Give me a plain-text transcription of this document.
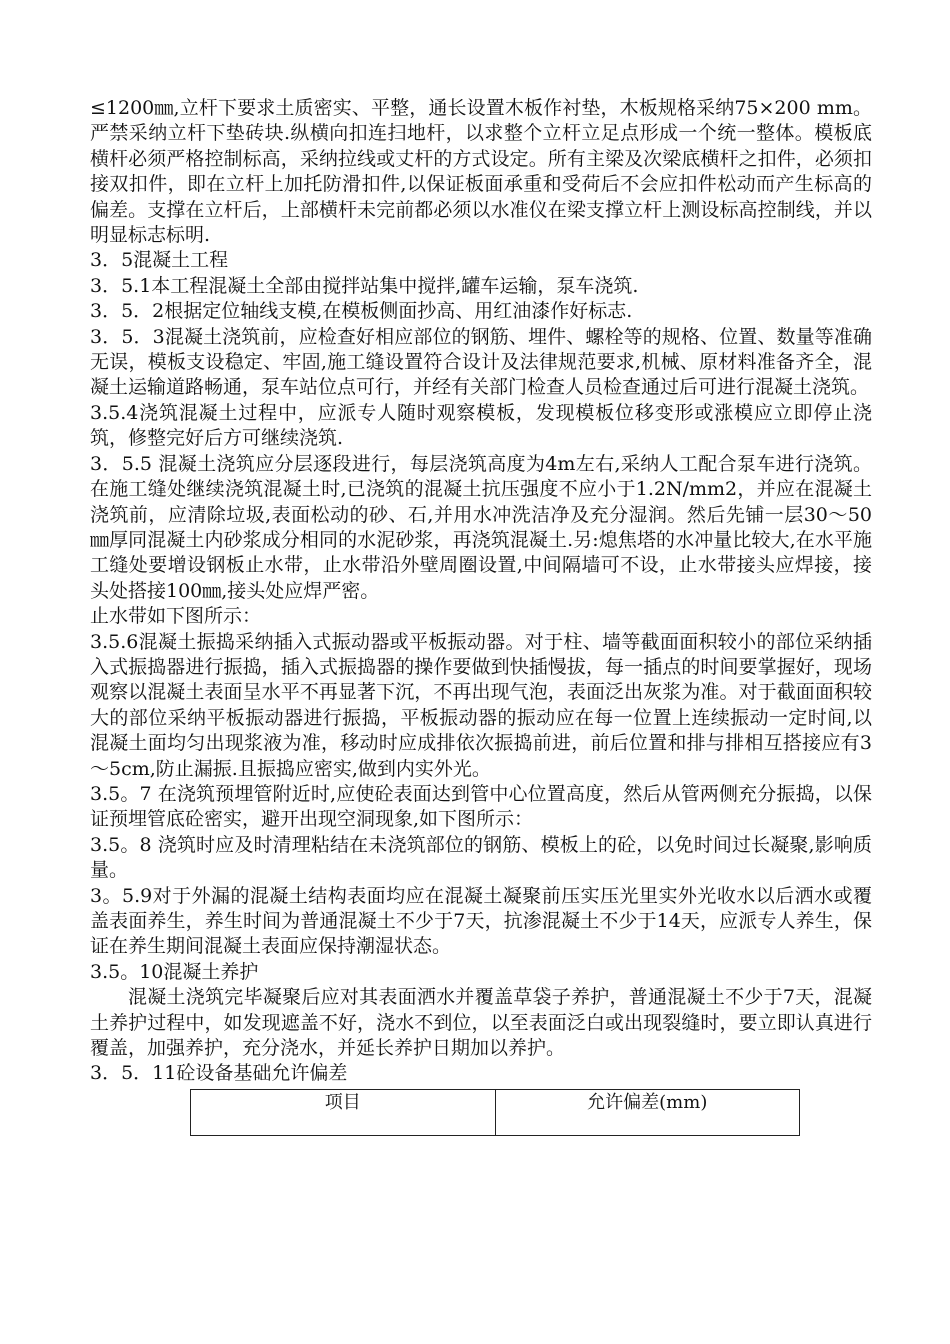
≤1200㎜,立杆下要求土质密实、平整，通长设置木板作衬垫，木板规格采纳75×200 mm。严禁采纳立杆下垫砖块.纵横向扣连扫地杆，以求整个立杆立足点形成一个统一整体。模板底横杆必须严格控制标高，采纳拉线或丈杆的方式设定。所有主梁及次梁底横杆之扣件，必须扣接双扣件，即在立杆上加托防滑扣件,以保证板面承重和受荷后不会应扣件松动而产生标高的偏差。支撑在立杆后，上部横杆未完前都必须以水准仪在梁支撑立杆上测设标高控制线，并以明显标志标明.

3．5混凝土工程

3．5.1本工程混凝土全部由搅拌站集中搅拌,罐车运输，泵车浇筑.

3．5．2根据定位轴线支模,在模板侧面抄高、用红油漆作好标志.

3．5．3混凝土浇筑前，应检查好相应部位的钢筋、埋件、螺栓等的规格、位置、数量等准确无误，模板支设稳定、牢固,施工缝设置符合设计及法律规范要求,机械、原材料准备齐全，混凝土运输道路畅通，泵车站位点可行，并经有关部门检查人员检查通过后可进行混凝土浇筑。

3.5.4浇筑混凝土过程中，应派专人随时观察模板，发现模板位移变形或涨模应立即停止浇筑，修整完好后方可继续浇筑.

3．5.5 混凝土浇筑应分层逐段进行，每层浇筑高度为4m左右,采纳人工配合泵车进行浇筑。在施工缝处继续浇筑混凝土时,已浇筑的混凝土抗压强度不应小于1.2N/mm2，并应在混凝土浇筑前，应清除垃圾,表面松动的砂、石,并用水冲洗洁净及充分湿润。然后先铺一层30～50㎜厚同混凝土内砂浆成分相同的水泥砂浆，再浇筑混凝土.另:熄焦塔的水冲量比较大,在水平施工缝处要增设钢板止水带，止水带沿外壁周圈设置,中间隔墙可不设，止水带接头应焊接，接头处搭接100㎜,接头处应焊严密。

止水带如下图所示：

3.5.6混凝土振捣采纳插入式振动器或平板振动器。对于柱、墙等截面面积较小的部位采纳插入式振捣器进行振捣，插入式振捣器的操作要做到快插慢拔，每一插点的时间要掌握好，现场观察以混凝土表面呈水平不再显著下沉，不再出现气泡，表面泛出灰浆为准。对于截面面积较大的部位采纳平板振动器进行振捣，平板振动器的振动应在每一位置上连续振动一定时间,以混凝土面均匀出现浆液为准，移动时应成排依次振捣前进，前后位置和排与排相互搭接应有3～5cm,防止漏振.且振捣应密实,做到内实外光。

3.5。7 在浇筑预埋管附近时,应使砼表面达到管中心位置高度，然后从管两侧充分振捣，以保证预埋管底砼密实，避开出现空洞现象,如下图所示：

3.5。8 浇筑时应及时清理粘结在未浇筑部位的钢筋、模板上的砼，以免时间过长凝聚,影响质量。

3。5.9对于外漏的混凝土结构表面均应在混凝土凝聚前压实压光里实外光收水以后洒水或覆盖表面养生，养生时间为普通混凝土不少于7天，抗渗混凝土不少于14天，应派专人养生，保证在养生期间混凝土表面应保持潮湿状态。

3.5。10混凝土养护

混凝土浇筑完毕凝聚后应对其表面洒水并覆盖草袋子养护，普通混凝土不少于7天，混凝土养护过程中，如发现遮盖不好，浇水不到位，以至表面泛白或出现裂缝时，要立即认真进行覆盖，加强养护，充分浇水，并延长养护日期加以养护。

3．5．11砼设备基础允许偏差

项目	允许偏差(mm)
